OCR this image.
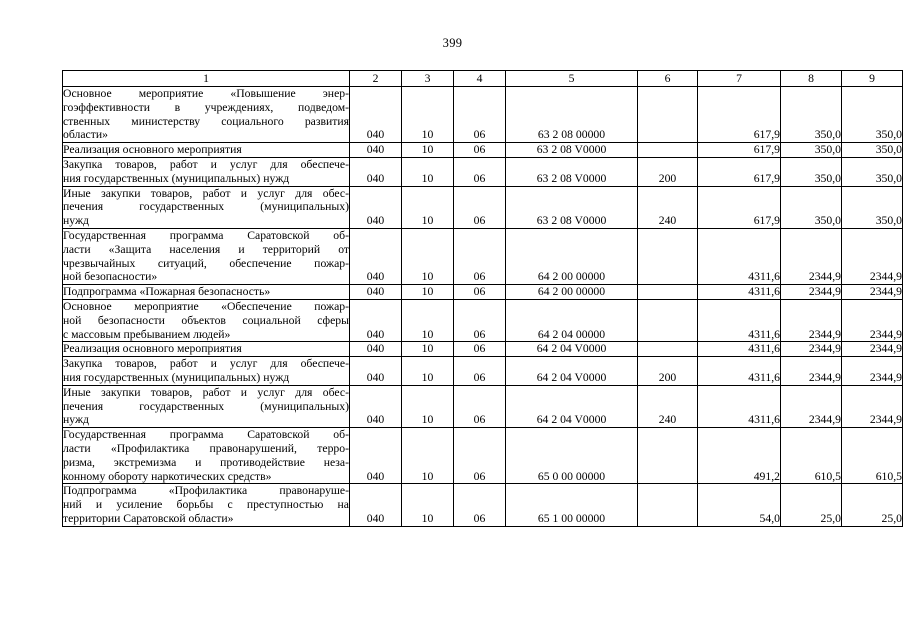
399
1	2	3	4	5	6	7	8	9

Основное мероприятие «Повышение энер-
гоэффективности в учреждениях, подведом-
ственных министерству социального развития
области»	040	10	06	63 2 08 00000		617,9	350,0	350,0

Реализация основного мероприятия	040	10	06	63 2 08 V0000		617,9	350,0	350,0

Закупка товаров, работ и услуг для обеспече-
ния государственных (муниципальных) нужд	040	10	06	63 2 08 V0000	200	617,9	350,0	350,0

Иные закупки товаров, работ и услуг для обес-
печения государственных (муниципальных)
нужд	040	10	06	63 2 08 V0000	240	617,9	350,0	350,0

Государственная программа Саратовской об-
ласти «Защита населения и территорий от
чрезвычайных ситуаций, обеспечение пожар-
ной безопасности»	040	10	06	64 2 00 00000		4311,6	2344,9	2344,9

Подпрограмма «Пожарная безопасность»	040	10	06	64 2 00 00000		4311,6	2344,9	2344,9

Основное мероприятие «Обеспечение пожар-
ной безопасности объектов социальной сферы
с массовым пребыванием людей»	040	10	06	64 2 04 00000		4311,6	2344,9	2344,9

Реализация основного мероприятия	040	10	06	64 2 04 V0000		4311,6	2344,9	2344,9

Закупка товаров, работ и услуг для обеспече-
ния государственных (муниципальных) нужд	040	10	06	64 2 04 V0000	200	4311,6	2344,9	2344,9

Иные закупки товаров, работ и услуг для обес-
печения государственных (муниципальных)
нужд	040	10	06	64 2 04 V0000	240	4311,6	2344,9	2344,9

Государственная программа Саратовской об-
ласти «Профилактика правонарушений, терро-
ризма, экстремизма и противодействие неза-
конному обороту наркотических средств»	040	10	06	65 0 00 00000		491,2	610,5	610,5

Подпрограмма «Профилактика правонаруше-
ний и усиление борьбы с преступностью на
территории Саратовской области»	040	10	06	65 1 00 00000		54,0	25,0	25,0
